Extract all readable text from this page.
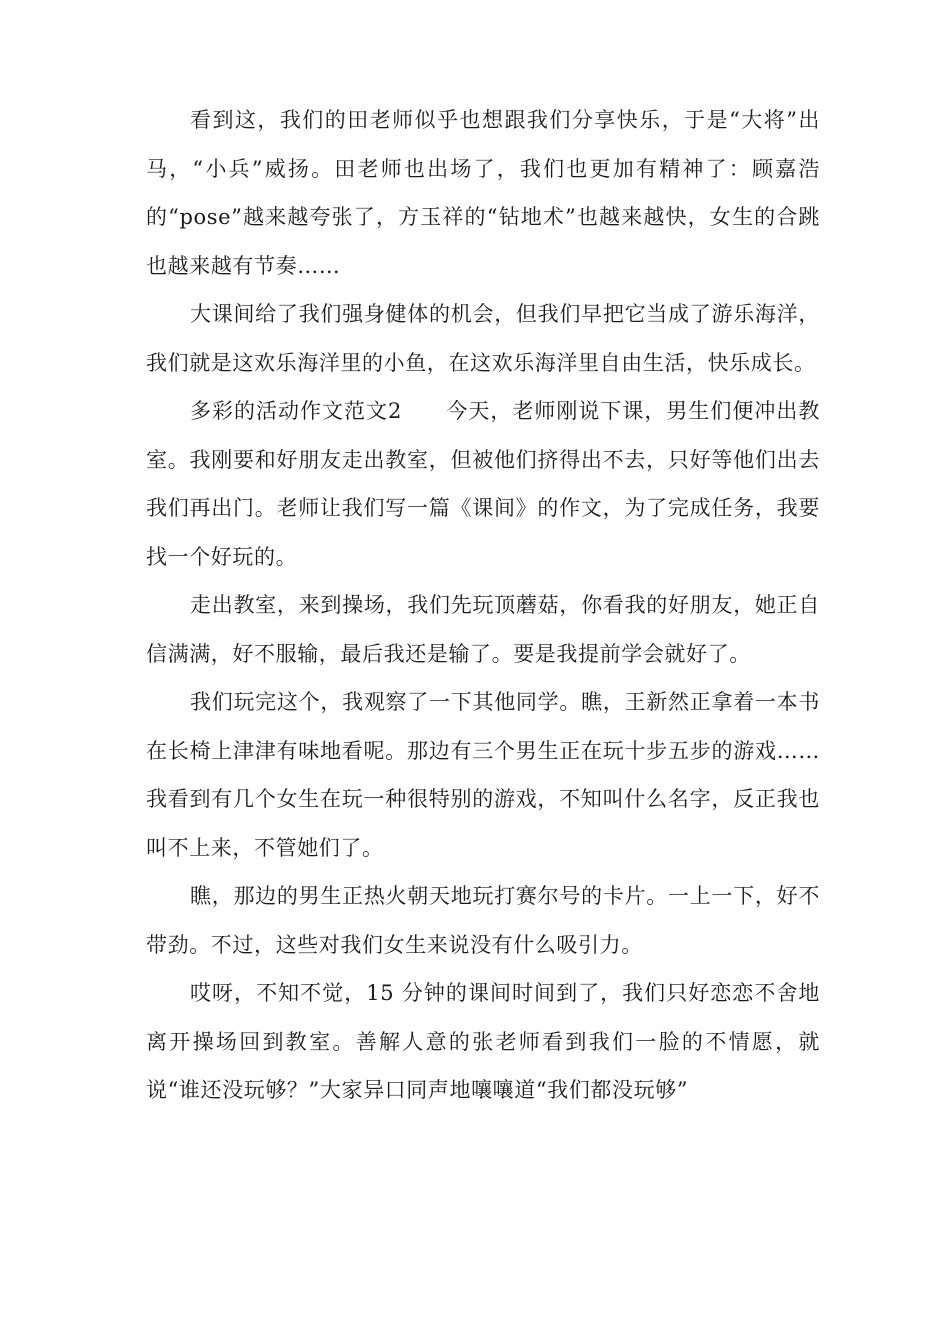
看到这，我们的田老师似乎也想跟我们分享快乐，于是“大将”出马，“小兵”威扬。田老师也出场了，我们也更加有精神了：顾嘉浩的“pose”越来越夸张了，方玉祥的“钻地术”也越来越快，女生的合跳也越来越有节奏……

大课间给了我们强身健体的机会，但我们早把它当成了游乐海洋，我们就是这欢乐海洋里的小鱼，在这欢乐海洋里自由生活，快乐成长。

多彩的活动作文范文2　　今天，老师刚说下课，男生们便冲出教室。我刚要和好朋友走出教室，但被他们挤得出不去，只好等他们出去我们再出门。老师让我们写一篇《课间》的作文，为了完成任务，我要找一个好玩的。

走出教室，来到操场，我们先玩顶蘑菇，你看我的好朋友，她正自信满满，好不服输，最后我还是输了。要是我提前学会就好了。

我们玩完这个，我观察了一下其他同学。瞧，王新然正拿着一本书在长椅上津津有味地看呢。那边有三个男生正在玩十步五步的游戏……我看到有几个女生在玩一种很特别的游戏，不知叫什么名字，反正我也叫不上来，不管她们了。

瞧，那边的男生正热火朝天地玩打赛尔号的卡片。一上一下，好不带劲。不过，这些对我们女生来说没有什么吸引力。

哎呀，不知不觉，15 分钟的课间时间到了，我们只好恋恋不舍地离开操场回到教室。善解人意的张老师看到我们一脸的不情愿，就说“谁还没玩够？”大家异口同声地嚷嚷道“我们都没玩够”
